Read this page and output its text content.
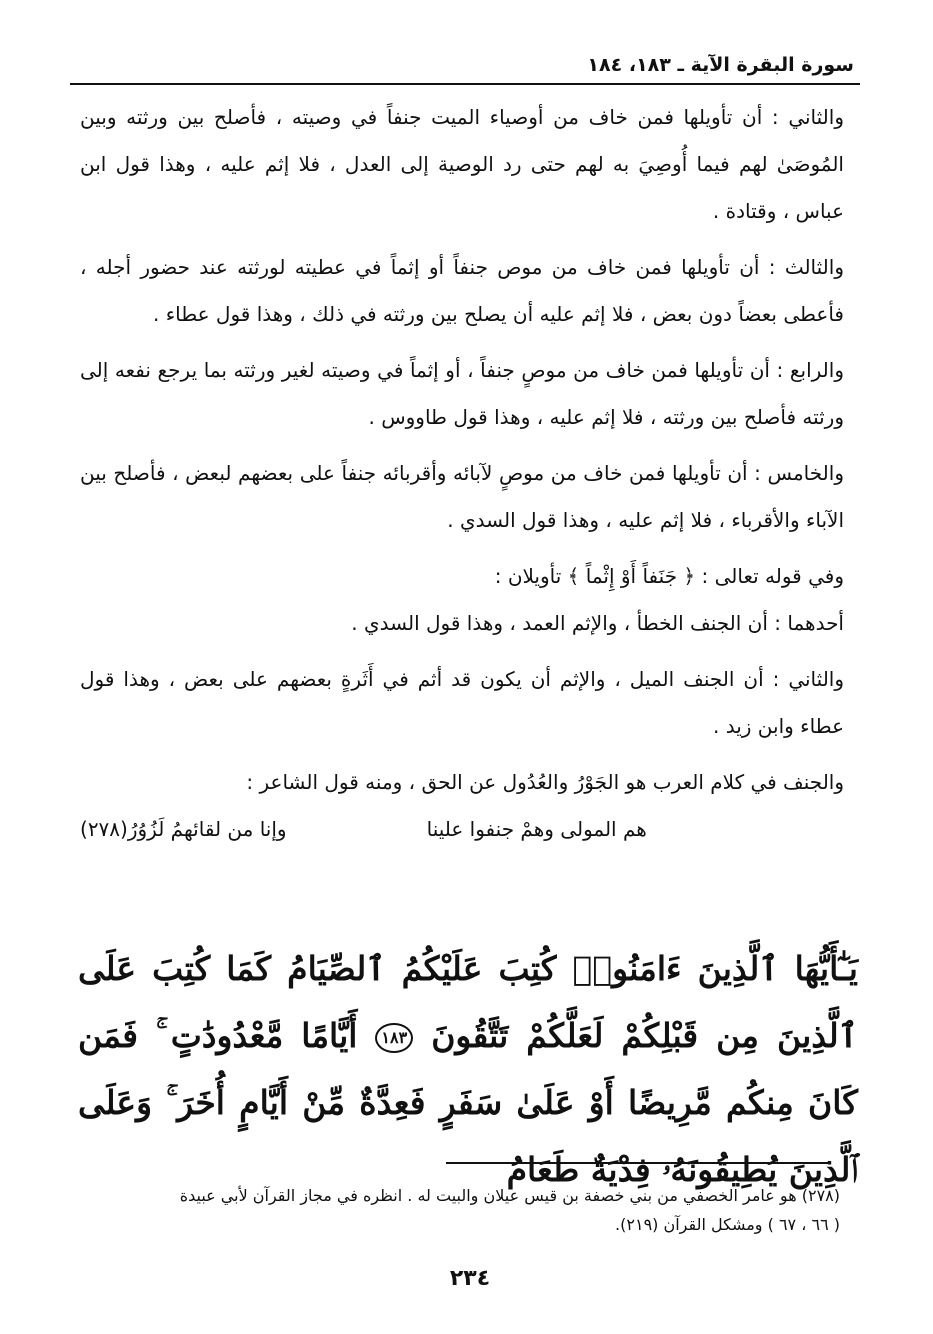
سورة البقرة الآية ـ ١٨٣، ١٨٤

والثاني : أن تأويلها فمن خاف من أوصياء الميت جنفاً في وصيته ، فأصلح بين ورثته وبين المُوصَىٰ لهم فيما أُوصِيَ به لهم حتى رد الوصية إلى العدل ، فلا إثم عليه ، وهذا قول ابن عباس ، وقتادة .

والثالث : أن تأويلها فمن خاف من موص جنفاً أو إثماً في عطيته لورثته عند حضور أجله ، فأعطى بعضاً دون بعض ، فلا إثم عليه أن يصلح بين ورثته في ذلك ، وهذا قول عطاء .

والرابع : أن تأويلها فمن خاف من موصٍ جنفاً ، أو إثماً في وصيته لغير ورثته بما يرجع نفعه إلى ورثته فأصلح بين ورثته ، فلا إثم عليه ، وهذا قول طاووس .

والخامس : أن تأويلها فمن خاف من موصٍ لآبائه وأقربائه جنفاً على بعضهم لبعض ، فأصلح بين الآباء والأقرباء ، فلا إثم عليه ، وهذا قول السدي .

وفي قوله تعالى : ﴿ جَنَفاً أَوْ إِثْماً ﴾ تأويلان :

أحدهما : أن الجنف الخطأ ، والإثم العمد ، وهذا قول السدي .

والثاني : أن الجنف الميل ، والإثم أن يكون قد أثم في أَثَرةٍ بعضهم على بعض ، وهذا قول عطاء وابن زيد .

والجنف في كلام العرب هو الجَوْرُ والعُدُول عن الحق ، ومنه قول الشاعر :

هم المولى وهمْ جنفوا علينا
وإنا من لقائهمُ لَزُوُرُ(٢٧٨)
يَـٰٓأَيُّهَا ٱلَّذِينَ ءَامَنُوا۟ كُتِبَ عَلَيْكُمُ ٱلصِّيَامُ كَمَا كُتِبَ عَلَى ٱلَّذِينَ مِن قَبْلِكُمْ لَعَلَّكُمْ تَتَّقُونَ ١٨٣ أَيَّامًا مَّعْدُودَٰتٍ ۚ فَمَن كَانَ مِنكُم مَّرِيضًا أَوْ عَلَىٰ سَفَرٍ فَعِدَّةٌ مِّنْ أَيَّامٍ أُخَرَ ۚ وَعَلَى ٱلَّذِينَ يُطِيقُونَهُۥ فِدْيَةٌ طَعَامُ
(٢٧٨) هو عامر الخصفي من بني خصفة بن قيس عيلان والبيت له . انظره في مجاز القرآن لأبي عبيدة
( ٦٦ ، ٦٧ ) ومشكل القرآن (٢١٩).
٢٣٤
